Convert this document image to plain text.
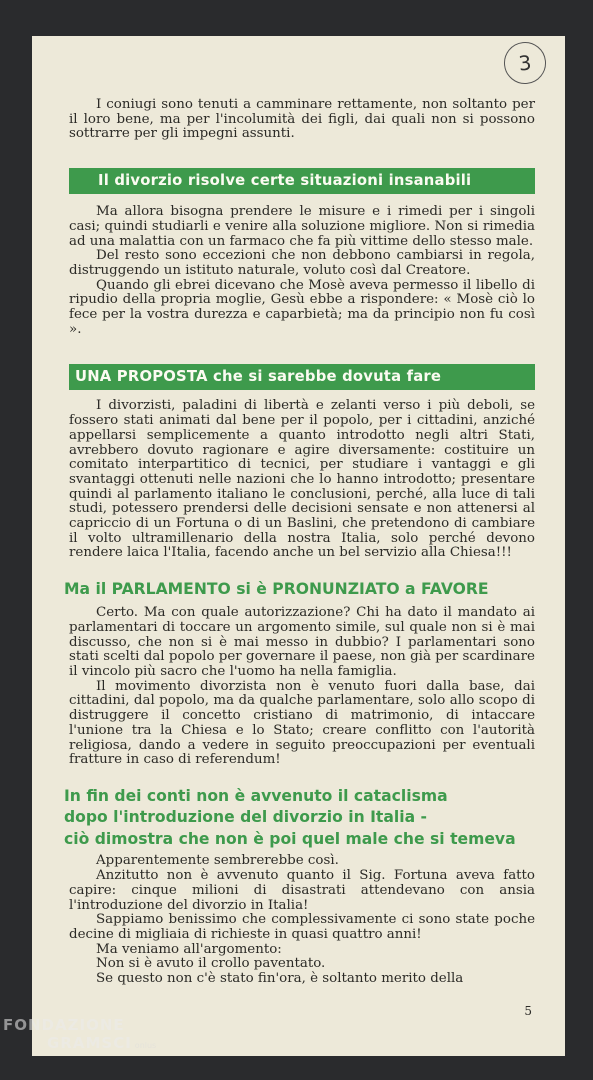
3

I coniugi sono tenuti a camminare rettamente, non soltanto per il loro bene, ma per l'incolumità dei figli, dai quali non si possono sottrarre per gli impegni assunti.

Il divorzio risolve certe situazioni insanabili

Ma allora bisogna prendere le misure e i rimedi per i singoli casi; quindi studiarli e venire alla soluzione migliore. Non si rimedia ad una malattia con un farmaco che fa più vittime dello stesso male.

Del resto sono eccezioni che non debbono cambiarsi in regola, distruggendo un istituto naturale, voluto così dal Creatore.

Quando gli ebrei dicevano che Mosè aveva permesso il libello di ripudio della propria moglie, Gesù ebbe a rispondere: « Mosè ciò lo fece per la vostra durezza e caparbietà; ma da principio non fu così ».

UNA PROPOSTA che si sarebbe dovuta fare

I divorzisti, paladini di libertà e zelanti verso i più deboli, se fossero stati animati dal bene per il popolo, per i cittadini, anziché appellarsi semplicemente a quanto introdotto negli altri Stati, avrebbero dovuto ragionare e agire diversamente: costituire un comitato interpartitico di tecnici, per studiare i vantaggi e gli svantaggi ottenuti nelle nazioni che lo hanno introdotto; presentare quindi al parlamento italiano le conclusioni, perché, alla luce di tali studi, potessero prendersi delle decisioni sensate e non attenersi al capriccio di un Fortuna o di un Baslini, che pretendono di cambiare il volto ultramillenario della nostra Italia, solo perché devono rendere laica l'Italia, facendo anche un bel servizio alla Chiesa!!!

Ma il PARLAMENTO si è PRONUNZIATO a FAVORE

Certo. Ma con quale autorizzazione? Chi ha dato il mandato ai parlamentari di toccare un argomento simile, sul quale non si è mai discusso, che non si è mai messo in dubbio? I parlamentari sono stati scelti dal popolo per governare il paese, non già per scardinare il vincolo più sacro che l'uomo ha nella famiglia.

Il movimento divorzista non è venuto fuori dalla base, dai cittadini, dal popolo, ma da qualche parlamentare, solo allo scopo di distruggere il concetto cristiano di matrimonio, di intaccare l'unione tra la Chiesa e lo Stato; creare conflitto con l'autorità religiosa, dando a vedere in seguito preoccupazioni per eventuali fratture in caso di referendum!

In fin dei conti non è avvenuto il cataclisma
dopo l'introduzione del divorzio in Italia -
ciò dimostra che non è poi quel male che si temeva

Apparentemente sembrerebbe così.

Anzitutto non è avvenuto quanto il Sig. Fortuna aveva fatto capire: cinque milioni di disastrati attendevano con ansia l'introduzione del divorzio in Italia!

Sappiamo benissimo che complessivamente ci sono state poche decine di migliaia di richieste in quasi quattro anni!

Ma veniamo all'argomento:

Non si è avuto il crollo paventato.

Se questo non c'è stato fin'ora, è soltanto merito della

5
FONDAZIONE
GRAMSCI onlus
